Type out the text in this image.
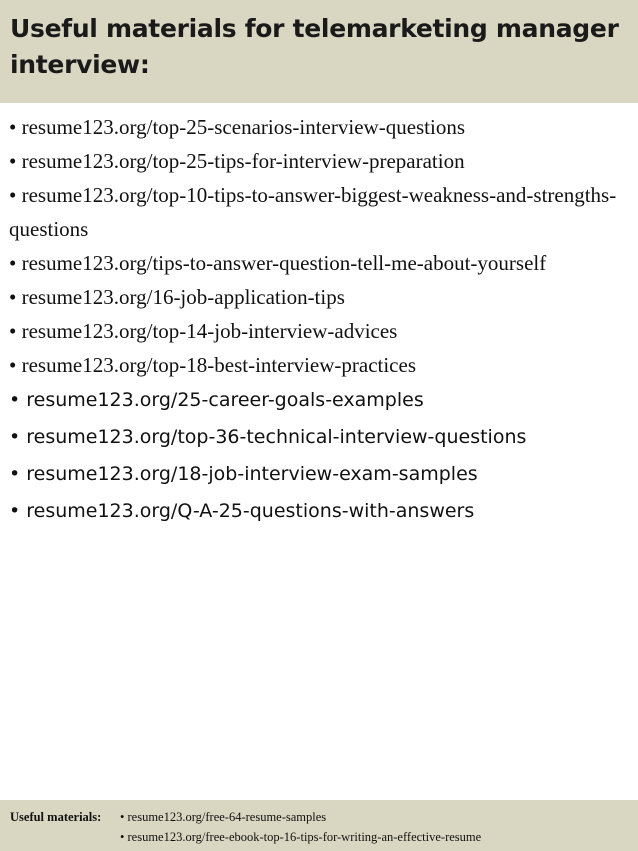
Useful materials for telemarketing manager interview:

• resume123.org/top-25-scenarios-interview-questions

• resume123.org/top-25-tips-for-interview-preparation

• resume123.org/top-10-tips-to-answer-biggest-weakness-and-strengths-questions

• resume123.org/tips-to-answer-question-tell-me-about-yourself

• resume123.org/16-job-application-tips

• resume123.org/top-14-job-interview-advices

• resume123.org/top-18-best-interview-practices

• resume123.org/25-career-goals-examples

• resume123.org/top-36-technical-interview-questions

• resume123.org/18-job-interview-exam-samples

• resume123.org/Q-A-25-questions-with-answers

Useful materials: • resume123.org/free-64-resume-samples
• resume123.org/free-ebook-top-16-tips-for-writing-an-effective-resume
